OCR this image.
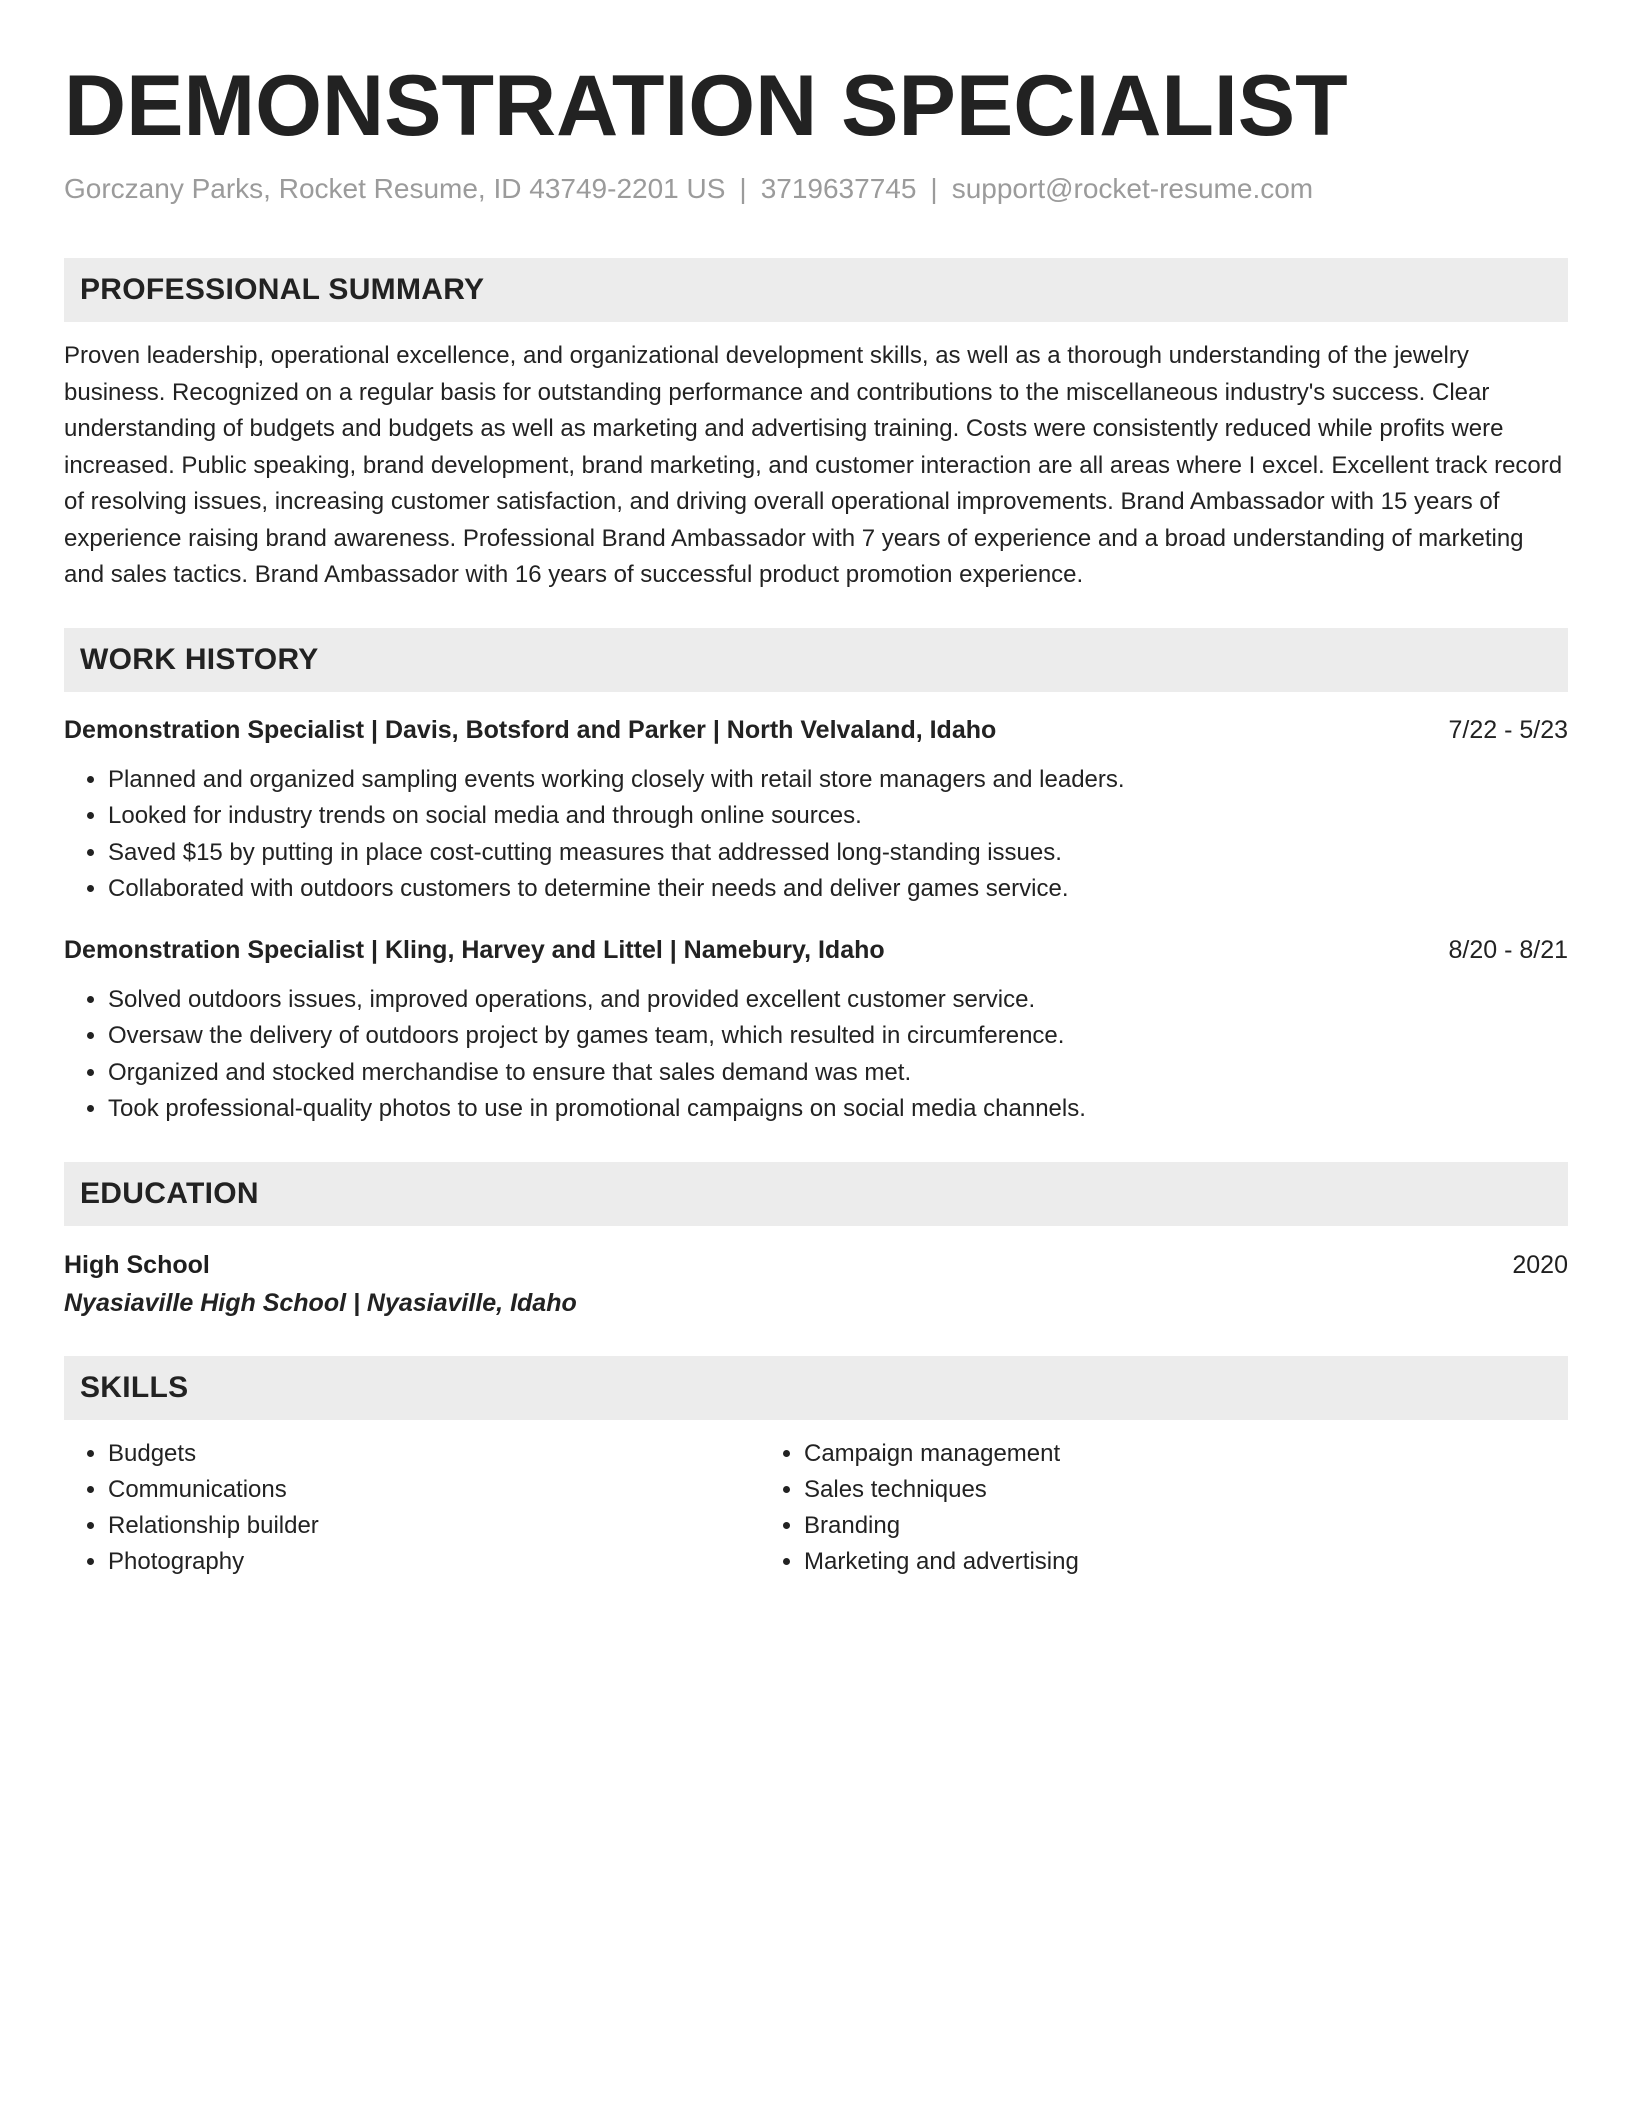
DEMONSTRATION SPECIALIST
Gorczany Parks, Rocket Resume, ID 43749-2201 US | 3719637745 | support@rocket-resume.com
PROFESSIONAL SUMMARY

Proven leadership, operational excellence, and organizational development skills, as well as a thorough understanding of the jewelry business. Recognized on a regular basis for outstanding performance and contributions to the miscellaneous industry's success. Clear understanding of budgets and budgets as well as marketing and advertising training. Costs were consistently reduced while profits were increased. Public speaking, brand development, brand marketing, and customer interaction are all areas where I excel. Excellent track record of resolving issues, increasing customer satisfaction, and driving overall operational improvements. Brand Ambassador with 15 years of experience raising brand awareness. Professional Brand Ambassador with 7 years of experience and a broad understanding of marketing and sales tactics. Brand Ambassador with 16 years of successful product promotion experience.

WORK HISTORY
Demonstration Specialist | Davis, Botsford and Parker | North Velvaland, Idaho	7/22 - 5/23
• Planned and organized sampling events working closely with retail store managers and leaders.
• Looked for industry trends on social media and through online sources.
• Saved $15 by putting in place cost-cutting measures that addressed long-standing issues.
• Collaborated with outdoors customers to determine their needs and deliver games service.
Demonstration Specialist | Kling, Harvey and Littel | Namebury, Idaho	8/20 - 8/21
• Solved outdoors issues, improved operations, and provided excellent customer service.
• Oversaw the delivery of outdoors project by games team, which resulted in circumference.
• Organized and stocked merchandise to ensure that sales demand was met.
• Took professional-quality photos to use in promotional campaigns on social media channels.
EDUCATION
High School	2020
Nyasiaville High School | Nyasiaville, Idaho
SKILLS
• Budgets
• Communications
• Relationship builder
• Photography
• Campaign management
• Sales techniques
• Branding
• Marketing and advertising
